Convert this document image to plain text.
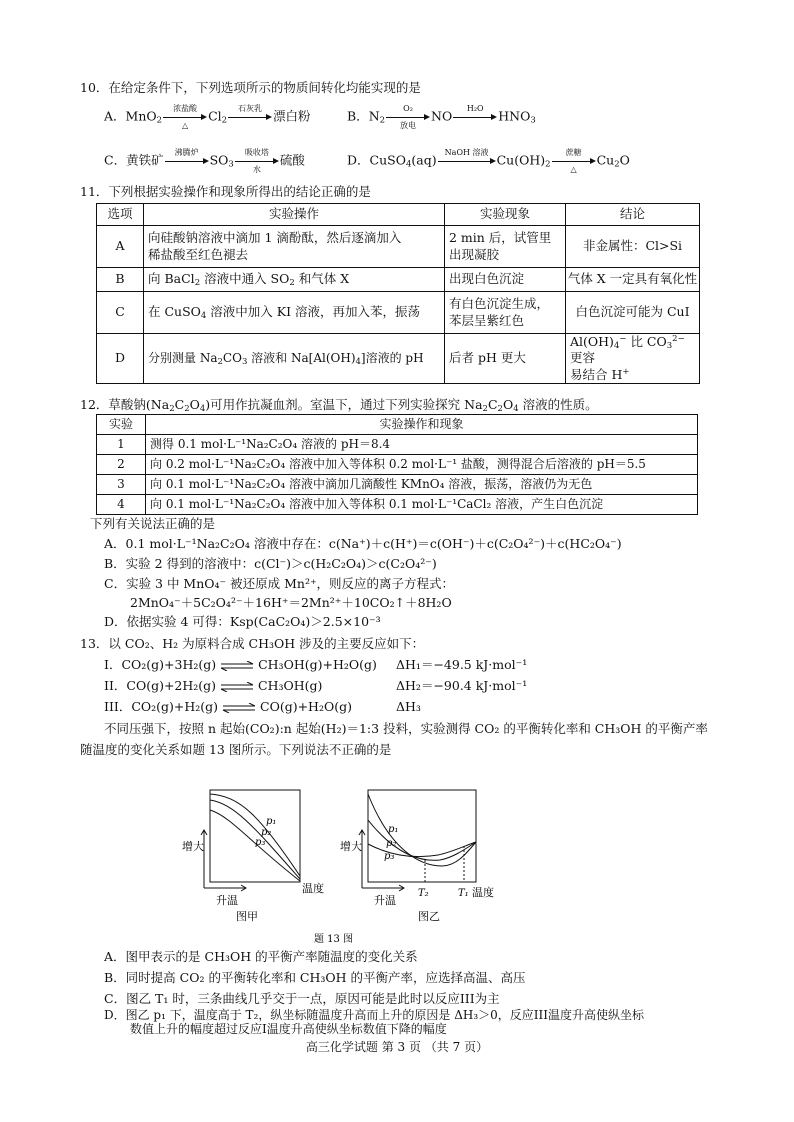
10．在给定条件下，下列选项所示的物质间转化均能实现的是
A．MnO$_2$
浓盐酸
△
$Cl_2$
石灰乳 漂白粉	B．$N_2$
O₂
放电
NO	H₂O	$HNO_3$
C．黄铁矿	沸腾炉 $SO_3$
吸收塔
水
硫酸	D．CuSO$_4$(aq)	NaOH 溶液 $Cu(OH)_2$
蔗糖
△
$Cu_2O$
11．下列根据实验操作和现象所得出的结论正确的是
选项	实验操作	实验现象	结论
A	向硅酸钠溶液中滴加 1 滴酚酞，然后逐滴加入
稀盐酸至红色褪去	2 min 后，试管里
出现凝胶	非金属性：Cl>Si
B	向 BaCl$_2$ 溶液中通入 $SO_2$ 和气体 X	出现白色沉淀	气体 X 一定具有氧化性
C	在 CuSO$_4$ 溶液中加入 KI 溶液，再加入苯，振荡	有白色沉淀生成，
苯层呈紫红色	白色沉淀可能为 CuI
D	分别测量 $Na_2CO_3$ 溶液和 $Na[Al(OH)_4]$溶液的 pH	后者 pH 更大	$Al(OH)_4^-$ 比 $CO_3^{2-}$ 更容
易结合 H+
12．草酸钠$(Na_2C_2O_4)$可用作抗凝血剂。室温下，通过下列实验探究 $Na_2C_2O_4$ 溶液的性质。
实验	实验操作和现象
1	测得 0.1 mol·L⁻¹Na₂C₂O₄ 溶液的 pH＝8.4
2	向 0.2 mol·L⁻¹Na₂C₂O₄ 溶液中加入等体积 0.2 mol·L⁻¹ 盐酸，测得混合后溶液的 pH＝5.5
3	向 0.1 mol·L⁻¹Na₂C₂O₄ 溶液中滴加几滴酸性 KMnO₄ 溶液，振荡，溶液仍为无色
4	向 0.1 mol·L⁻¹Na₂C₂O₄ 溶液中加入等体积 0.1 mol·L⁻¹CaCl₂ 溶液，产生白色沉淀
下列有关说法正确的是
A．0.1 mol·L⁻¹Na₂C₂O₄ 溶液中存在：c(Na⁺)＋c(H⁺)＝c(OH⁻)＋c(C₂O₄²⁻)＋c(HC₂O₄⁻)
B．实验 2 得到的溶液中：c(Cl⁻)＞c(H₂C₂O₄)＞c(C₂O₄²⁻)
C．实验 3 中 MnO₄⁻ 被还原成 Mn²⁺，则反应的离子方程式：
2MnO₄⁻＋5C₂O₄²⁻＋16H⁺＝2Mn²⁺＋10CO₂↑＋8H₂O
D．依据实验 4 可得：Ksp(CaC₂O₄)＞2.5×10⁻³
13．以 CO₂、H₂ 为原料合成 CH₃OH 涉及的主要反应如下：
I．CO₂(g)+3H₂(g) ⇌ CH₃OH(g)+H₂O(g) ΔH₁＝−49.5 kJ·mol⁻¹
II．CO(g)+2H₂(g) ⇌ CH₃OH(g)	ΔH₂＝−90.4 kJ·mol⁻¹
III．CO₂(g)+H₂(g) ⇌ CO(g)+H₂O(g)	ΔH₃
不同压强下，按照 n 起始(CO₂):n 起始(H₂)＝1:3 投料，实验测得 CO₂ 的平衡转化率和 CH₃OH 的平衡产率
随温度的变化关系如题 13 图所示。下列说法不正确的是
p₁
p₂
p₃
增大
升温
温度
图甲
p₁
p₂
p₃
增大
升温
T₂	T₁ 温度
图乙
题 13 图
A．图甲表示的是 CH₃OH 的平衡产率随温度的变化关系
B．同时提高 CO₂ 的平衡转化率和 CH₃OH 的平衡产率，应选择高温、高压
C．图乙 T₁ 时，三条曲线几乎交于一点，原因可能是此时以反应III为主
D．图乙 p₁ 下，温度高于 T₂，纵坐标随温度升高而上升的原因是 ΔH₃＞0，反应III温度升高使纵坐标
数值上升的幅度超过反应I温度升高使纵坐标数值下降的幅度
高三化学试题 第 3 页 （共 7 页）
